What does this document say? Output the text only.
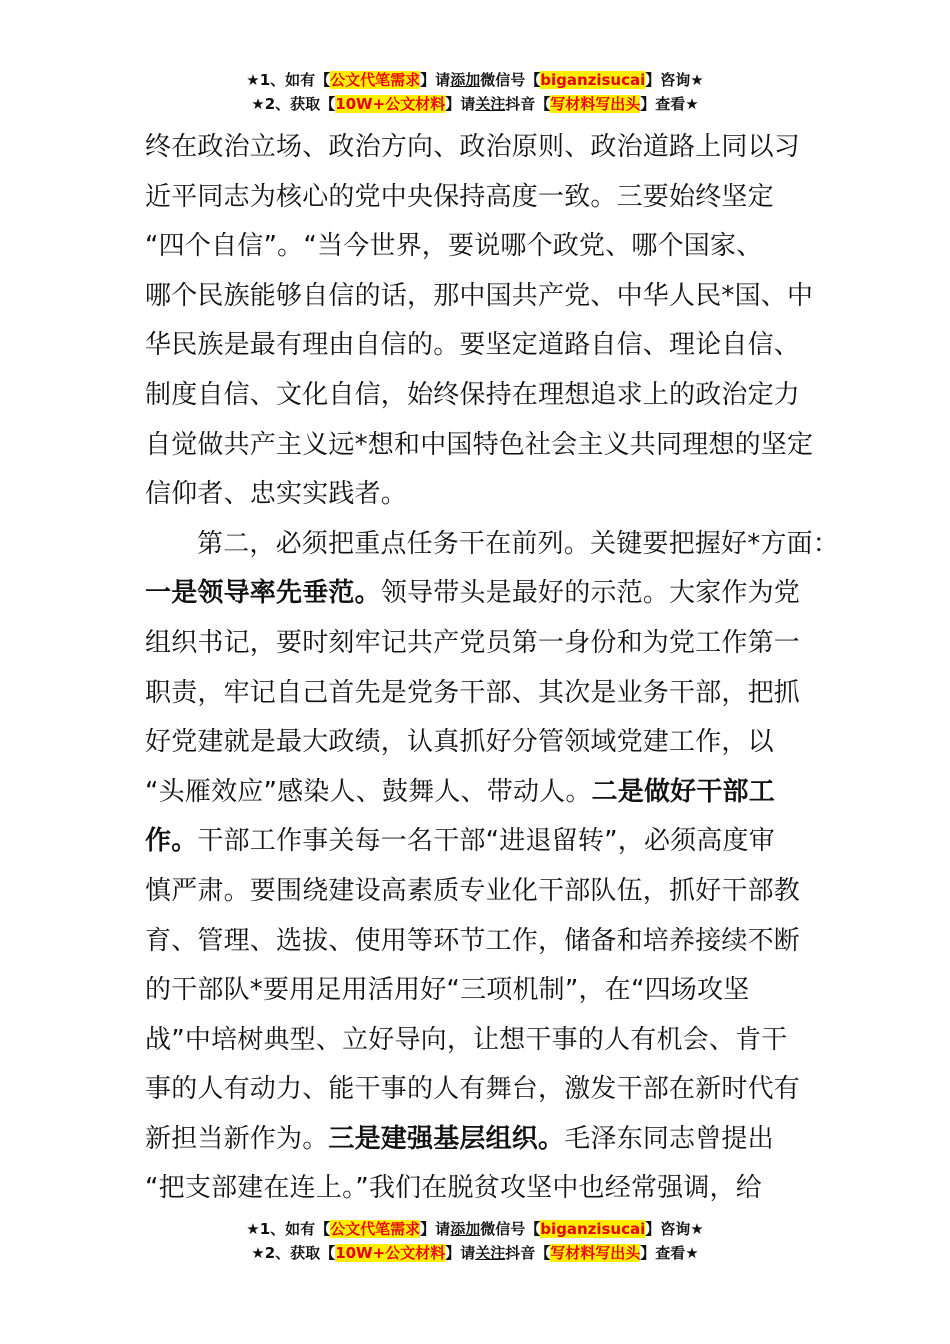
★1、如有【公文代笔需求】请添加微信号【biganzisucai】咨询★
★2、获取【10W+公文材料】请关注抖音【写材料写出头】查看★
终在政治立场、政治方向、政治原则、政治道路上同以习
近平同志为核心的党中央保持高度一致。三要始终坚定
“四个自信”。“当今世界，要说哪个政党、哪个国家、
哪个民族能够自信的话，那中国共产党、中华人民*国、中
华民族是最有理由自信的。要坚定道路自信、理论自信、
制度自信、文化自信，始终保持在理想追求上的政治定力
自觉做共产主义远*想和中国特色社会主义共同理想的坚定
信仰者、忠实实践者。
第二，必须把重点任务干在前列。关键要把握好*方面：
一是领导率先垂范。领导带头是最好的示范。大家作为党
组织书记，要时刻牢记共产党员第一身份和为党工作第一
职责，牢记自己首先是党务干部、其次是业务干部，把抓
好党建就是最大政绩，认真抓好分管领域党建工作，以
“头雁效应”感染人、鼓舞人、带动人。二是做好干部工
作。干部工作事关每一名干部“进退留转”，必须高度审
慎严肃。要围绕建设高素质专业化干部队伍，抓好干部教
育、管理、选拔、使用等环节工作，储备和培养接续不断
的干部队*要用足用活用好“三项机制”，在“四场攻坚
战”中培树典型、立好导向，让想干事的人有机会、肯干
事的人有动力、能干事的人有舞台，激发干部在新时代有
新担当新作为。三是建强基层组织。毛泽东同志曾提出
“把支部建在连上。”我们在脱贫攻坚中也经常强调，给
★1、如有【公文代笔需求】请添加微信号【biganzisucai】咨询★
★2、获取【10W+公文材料】请关注抖音【写材料写出头】查看★
